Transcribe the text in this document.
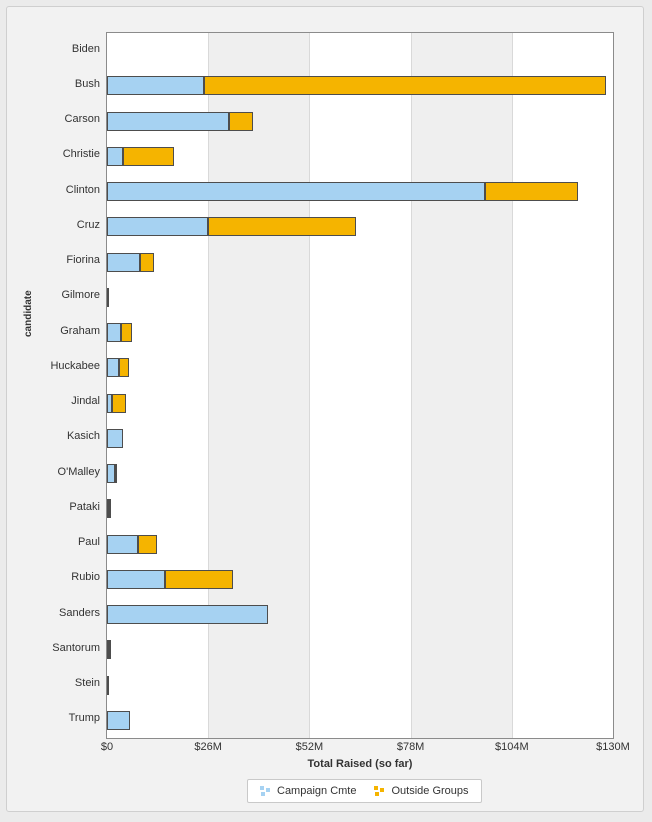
candidate
Biden
Bush
Carson
Christie
Clinton
Cruz
Fiorina
Gilmore
Graham
Huckabee
Jindal
Kasich
O'Malley
Pataki
Paul
Rubio
Sanders
Santorum
Stein
Trump
$0	$26M	$52M	$78M	$104M	$130M
Total Raised (so far)
Campaign Cmte	Outside Groups
